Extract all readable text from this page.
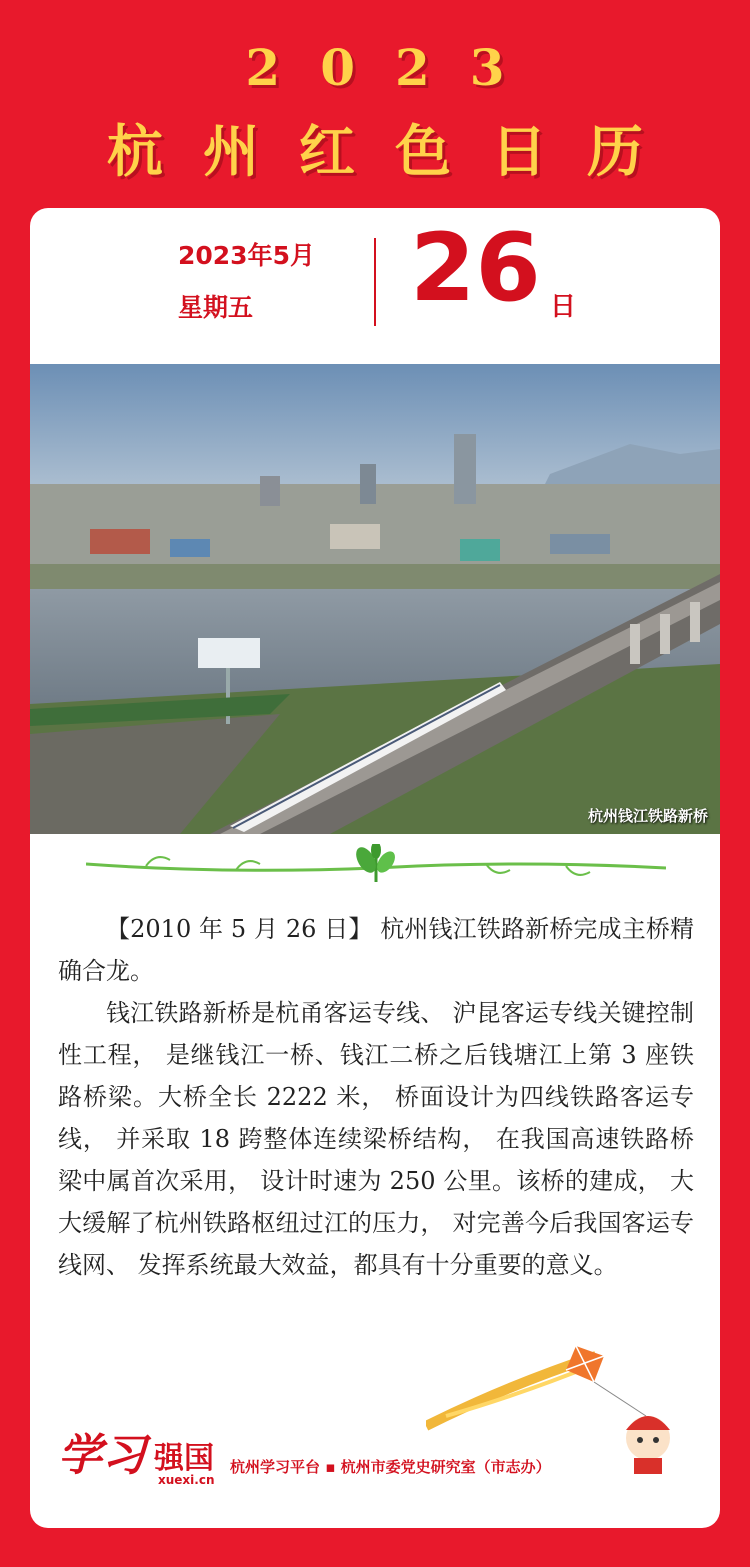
2023
杭州红色日历
2023年5月
星期五 26 日
杭州钱江铁路新桥

【2010 年 5 月 26 日】 杭州钱江铁路新桥完成主桥精确合龙。

钱江铁路新桥是杭甬客运专线、 沪昆客运专线关键控制性工程， 是继钱江一桥、钱江二桥之后钱塘江上第 3 座铁路桥梁。大桥全长 2222 米， 桥面设计为四线铁路客运专线， 并采取 18 跨整体连续梁桥结构， 在我国高速铁路桥梁中属首次采用， 设计时速为 250 公里。该桥的建成， 大大缓解了杭州铁路枢纽过江的压力， 对完善今后我国客运专线网、 发挥系统最大效益，都具有十分重要的意义。

学习 强国
xuexi.cn
杭州学习平台 ▪ 杭州市委党史研究室（市志办）
